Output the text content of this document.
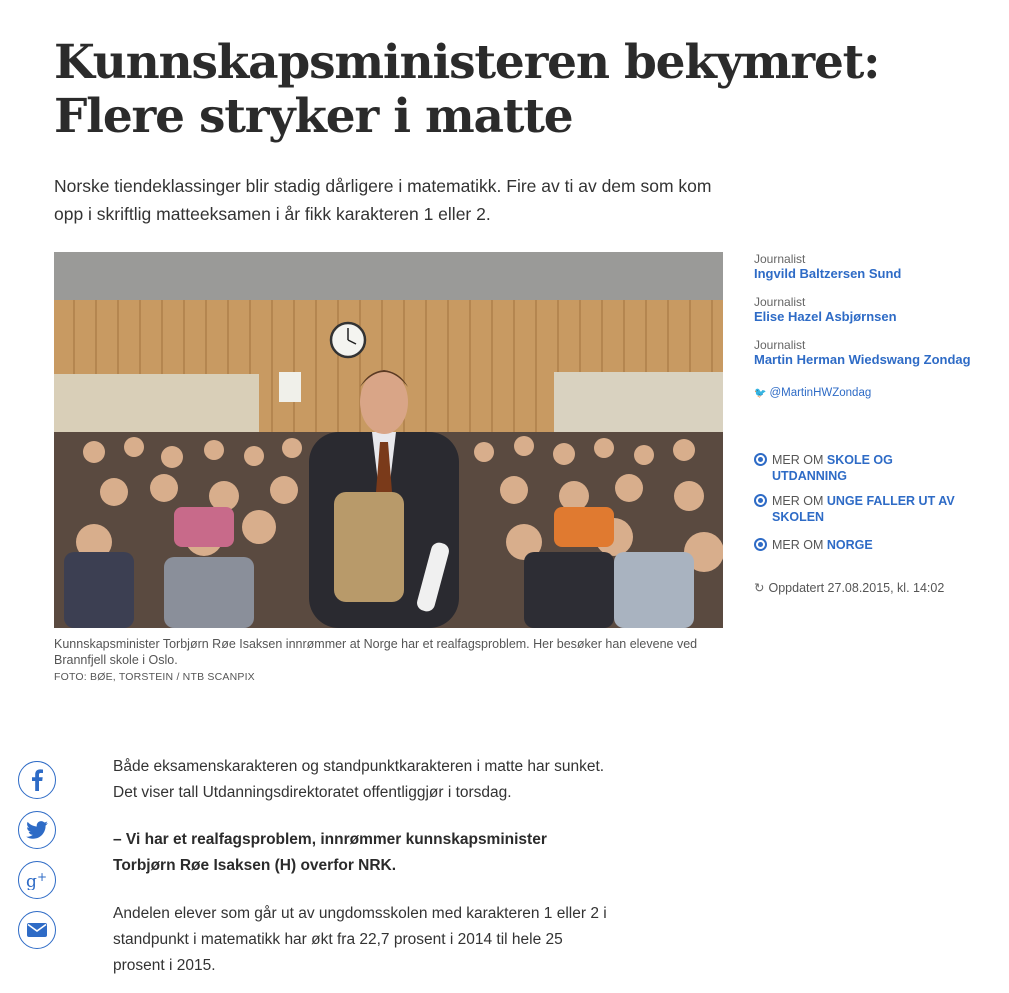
Kunnskapsministeren bekymret: Flere stryker i matte

Norske tiendeklassinger blir stadig dårligere i matematikk. Fire av ti av dem som kom opp i skriftlig matteeksamen i år fikk karakteren 1 eller 2.

Kunnskapsminister Torbjørn Røe Isaksen innrømmer at Norge har et realfagsproblem. Her besøker han elevene ved Brannfjell skole i Oslo.
FOTO: BØE, TORSTEIN / NTB SCANPIX
Journalist
Ingvild Baltzersen Sund
Journalist
Elise Hazel Asbjørnsen
Journalist
Martin Herman Wiedswang Zondag
🐦 @MartinHWZondag
MER OM SKOLE OG UTDANNING
MER OM UNGE FALLER UT AV SKOLEN
MER OM NORGE
↻ Oppdatert 27.08.2015, kl. 14:02
g +

Både eksamenskarakteren og standpunktkarakteren i matte har sunket. Det viser tall Utdanningsdirektoratet offentliggjør i torsdag.

– Vi har et realfagsproblem, innrømmer kunnskapsminister Torbjørn Røe Isaksen (H) overfor NRK.

Andelen elever som går ut av ungdomsskolen med karakteren 1 eller 2 i standpunkt i matematikk har økt fra 22,7 prosent i 2014 til hele 25 prosent i 2015.
